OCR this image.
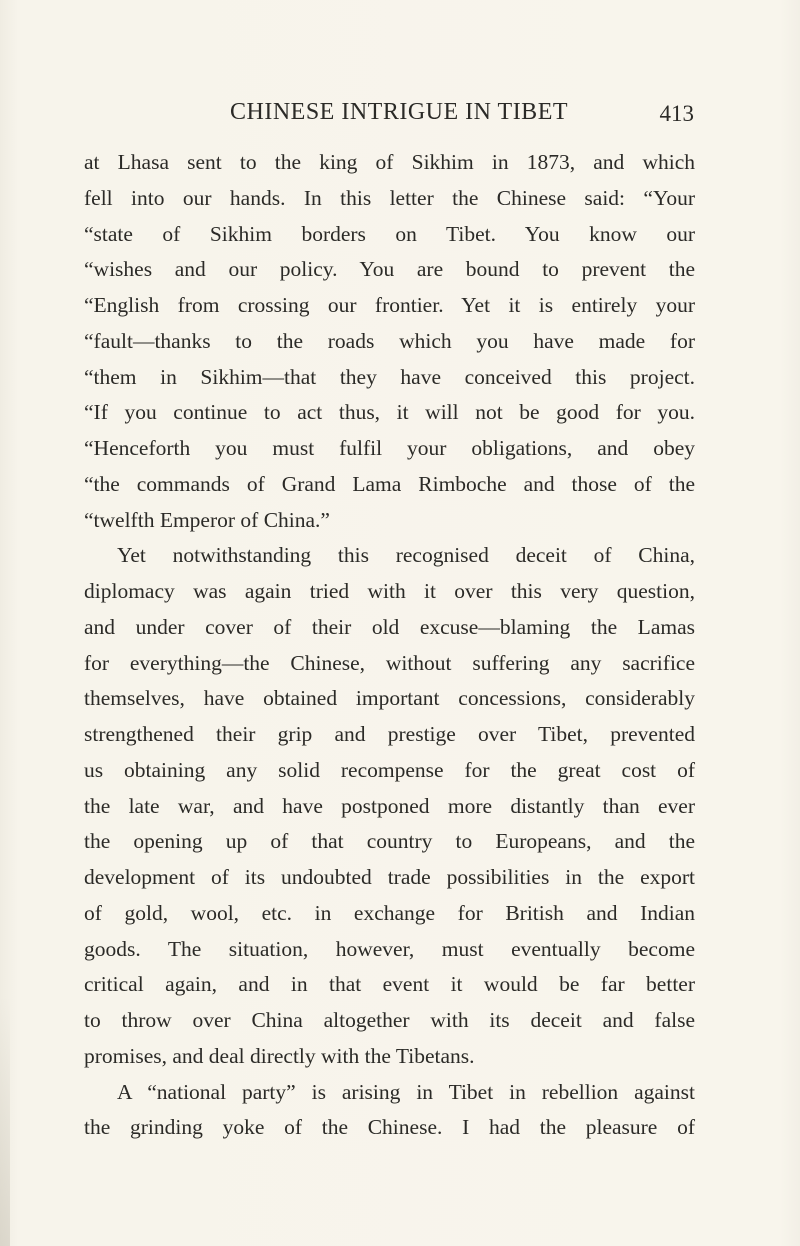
CHINESE INTRIGUE IN TIBET	413
at Lhasa sent to the king of Sikhim in 1873, and which
fell into our hands. In this letter the Chinese said: “Your
“state of Sikhim borders on Tibet. You know our
“wishes and our policy. You are bound to prevent the
“English from crossing our frontier. Yet it is entirely your
“fault—thanks to the roads which you have made for
“them in Sikhim—that they have conceived this project.
“If you continue to act thus, it will not be good for you.
“Henceforth you must fulfil your obligations, and obey
“the commands of Grand Lama Rimboche and those of the
“twelfth Emperor of China.”
Yet notwithstanding this recognised deceit of China,
diplomacy was again tried with it over this very question,
and under cover of their old excuse—blaming the Lamas
for everything—the Chinese, without suffering any sacrifice
themselves, have obtained important concessions, considerably
strengthened their grip and prestige over Tibet, prevented
us obtaining any solid recompense for the great cost of
the late war, and have postponed more distantly than ever
the opening up of that country to Europeans, and the
development of its undoubted trade possibilities in the export
of gold, wool, etc. in exchange for British and Indian
goods. The situation, however, must eventually become
critical again, and in that event it would be far better
to throw over China altogether with its deceit and false
promises, and deal directly with the Tibetans.
A “national party” is arising in Tibet in rebellion against
the grinding yoke of the Chinese. I had the pleasure of
